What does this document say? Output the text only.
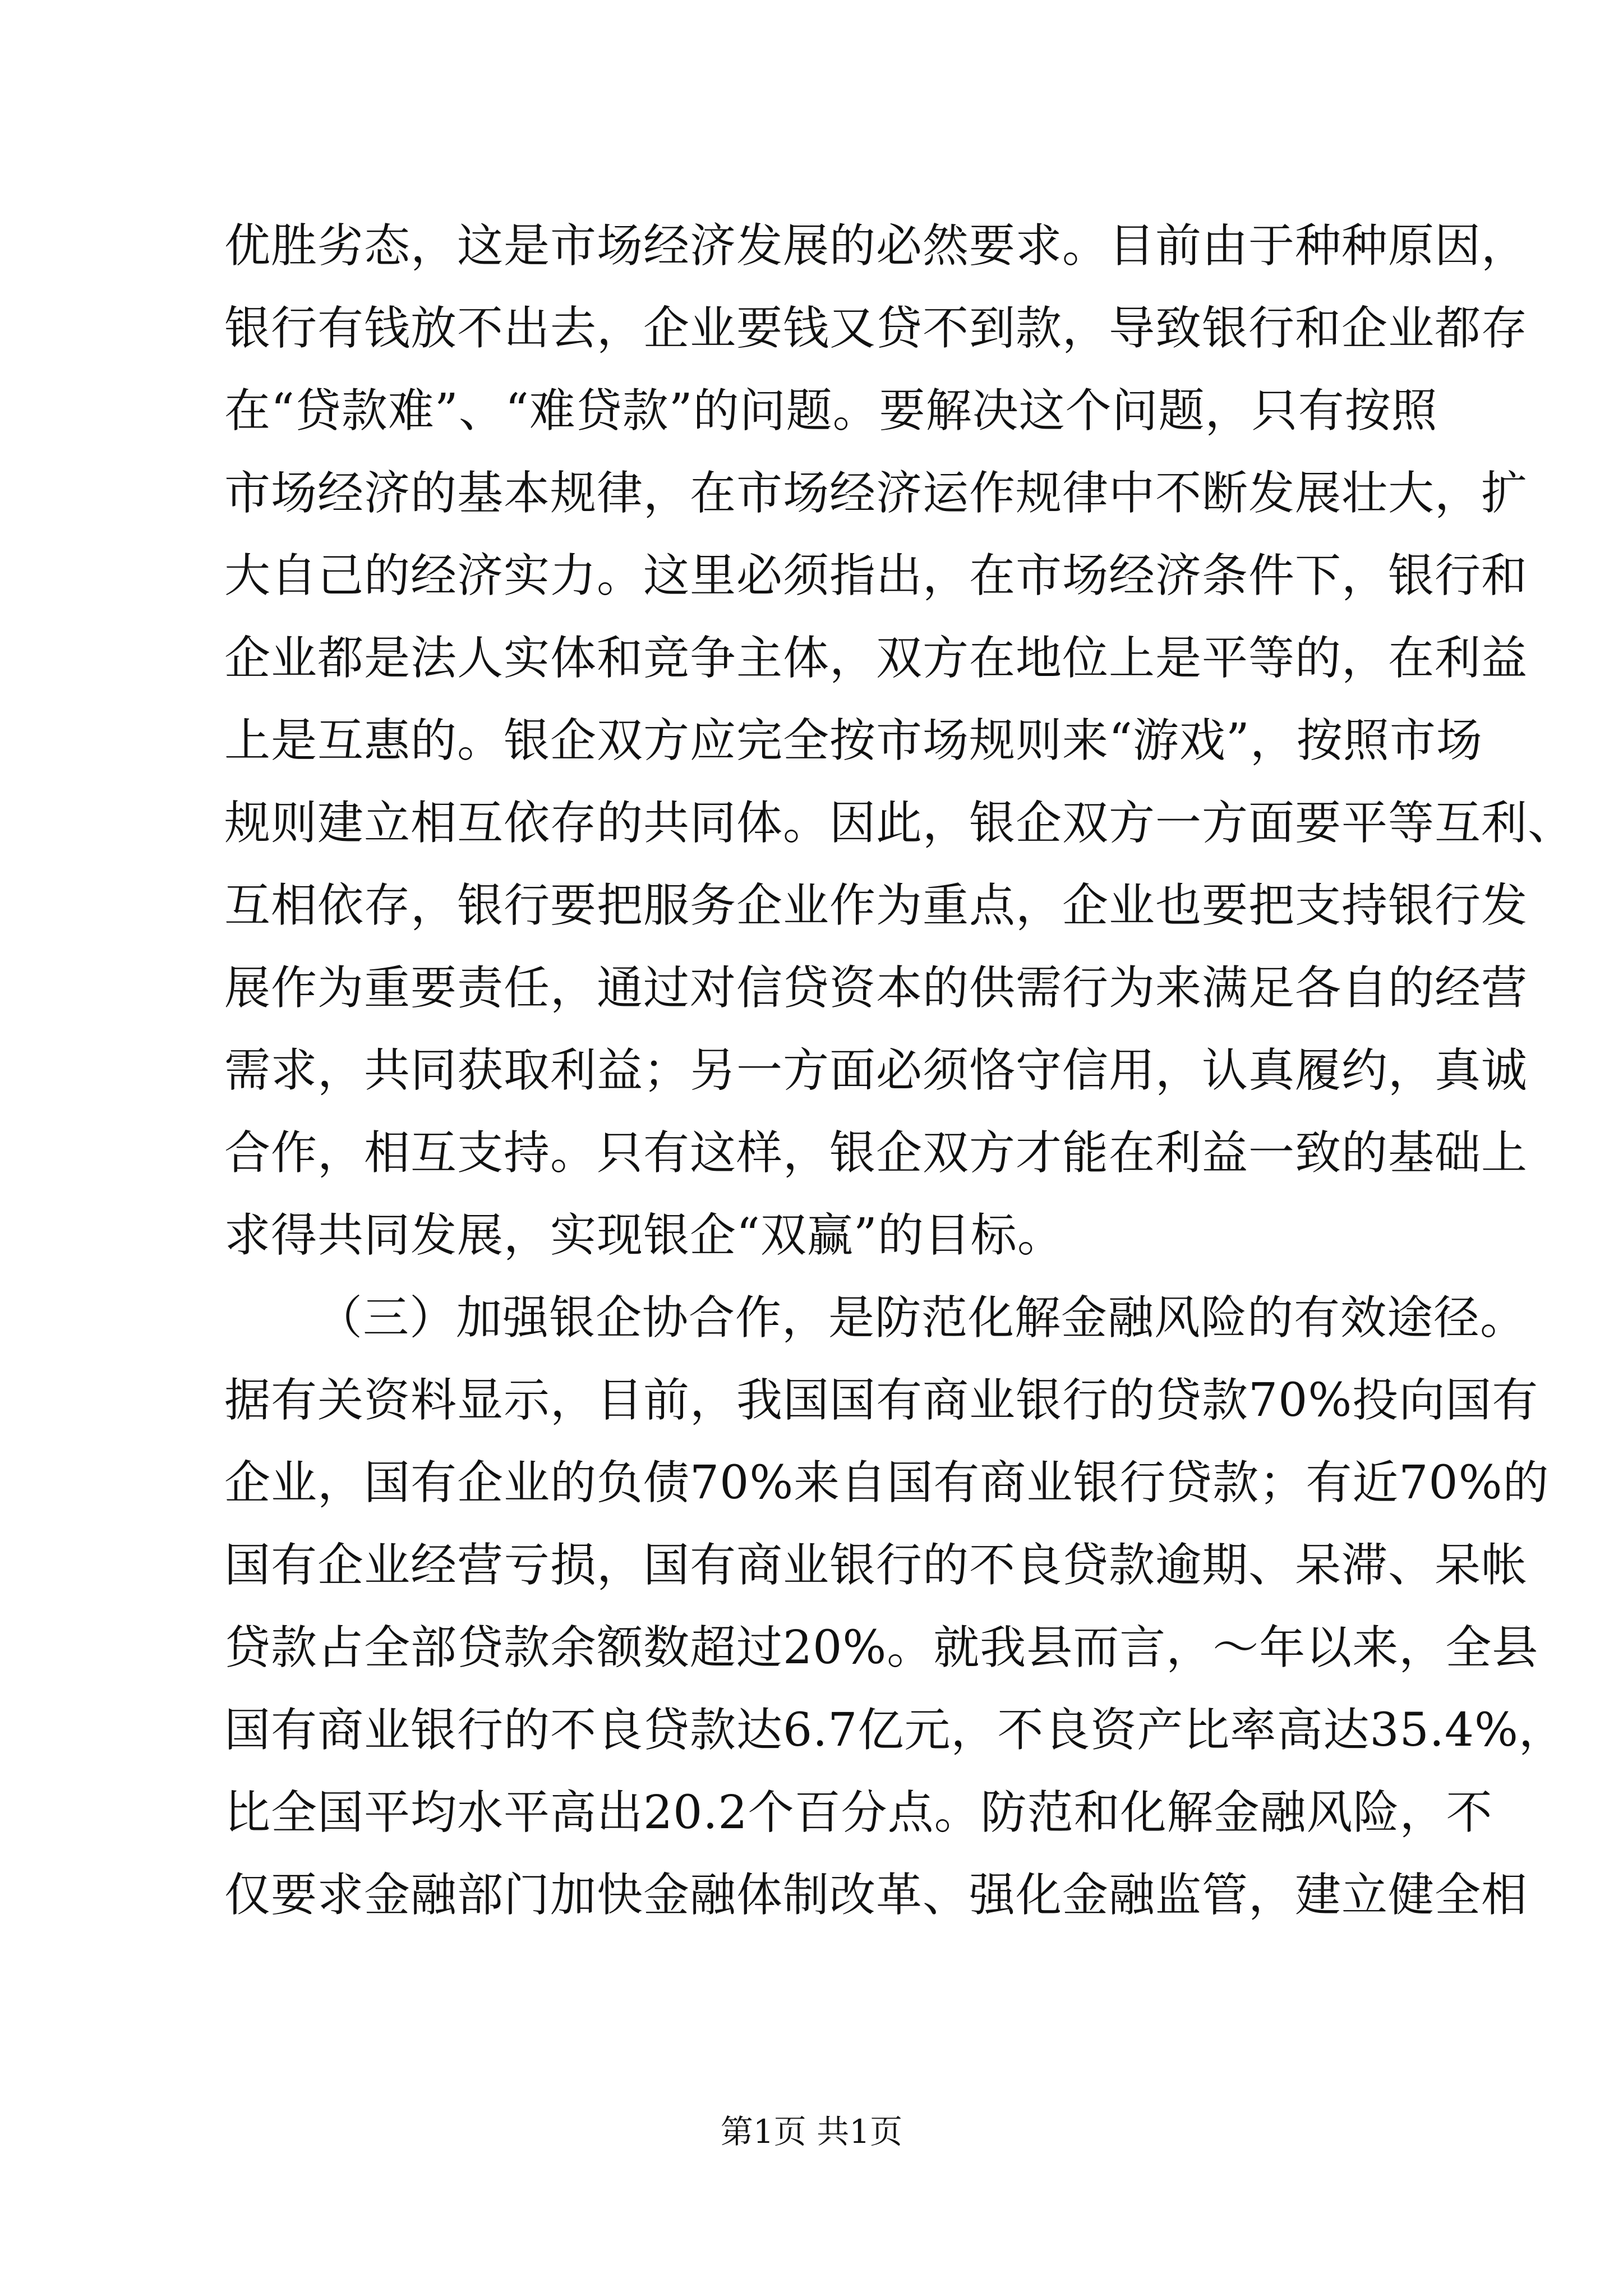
优胜劣态，这是市场经济发展的必然要求。目前由于种种原因，
银行有钱放不出去，企业要钱又贷不到款，导致银行和企业都存
在“贷款难”、“难贷款”的问题。要解决这个问题，只有按照
市场经济的基本规律，在市场经济运作规律中不断发展壮大，扩
大自己的经济实力。这里必须指出，在市场经济条件下，银行和
企业都是法人实体和竞争主体，双方在地位上是平等的，在利益
上是互惠的。银企双方应完全按市场规则来“游戏”，按照市场
规则建立相互依存的共同体。因此，银企双方一方面要平等互利、
互相依存，银行要把服务企业作为重点，企业也要把支持银行发
展作为重要责任，通过对信贷资本的供需行为来满足各自的经营
需求，共同获取利益；另一方面必须恪守信用，认真履约，真诚
合作，相互支持。只有这样，银企双方才能在利益一致的基础上
求得共同发展，实现银企“双赢”的目标。
（三）加强银企协合作，是防范化解金融风险的有效途径。
据有关资料显示，目前，我国国有商业银行的贷款70%投向国有
企业，国有企业的负债70%来自国有商业银行贷款；有近70%的
国有企业经营亏损，国有商业银行的不良贷款逾期、呆滞、呆帐
贷款占全部贷款余额数超过20%。就我县而言，～年以来，全县
国有商业银行的不良贷款达6.7亿元，不良资产比率高达35.4%，
比全国平均水平高出20.2个百分点。防范和化解金融风险，不
仅要求金融部门加快金融体制改革、强化金融监管，建立健全相
第1页 共1页
